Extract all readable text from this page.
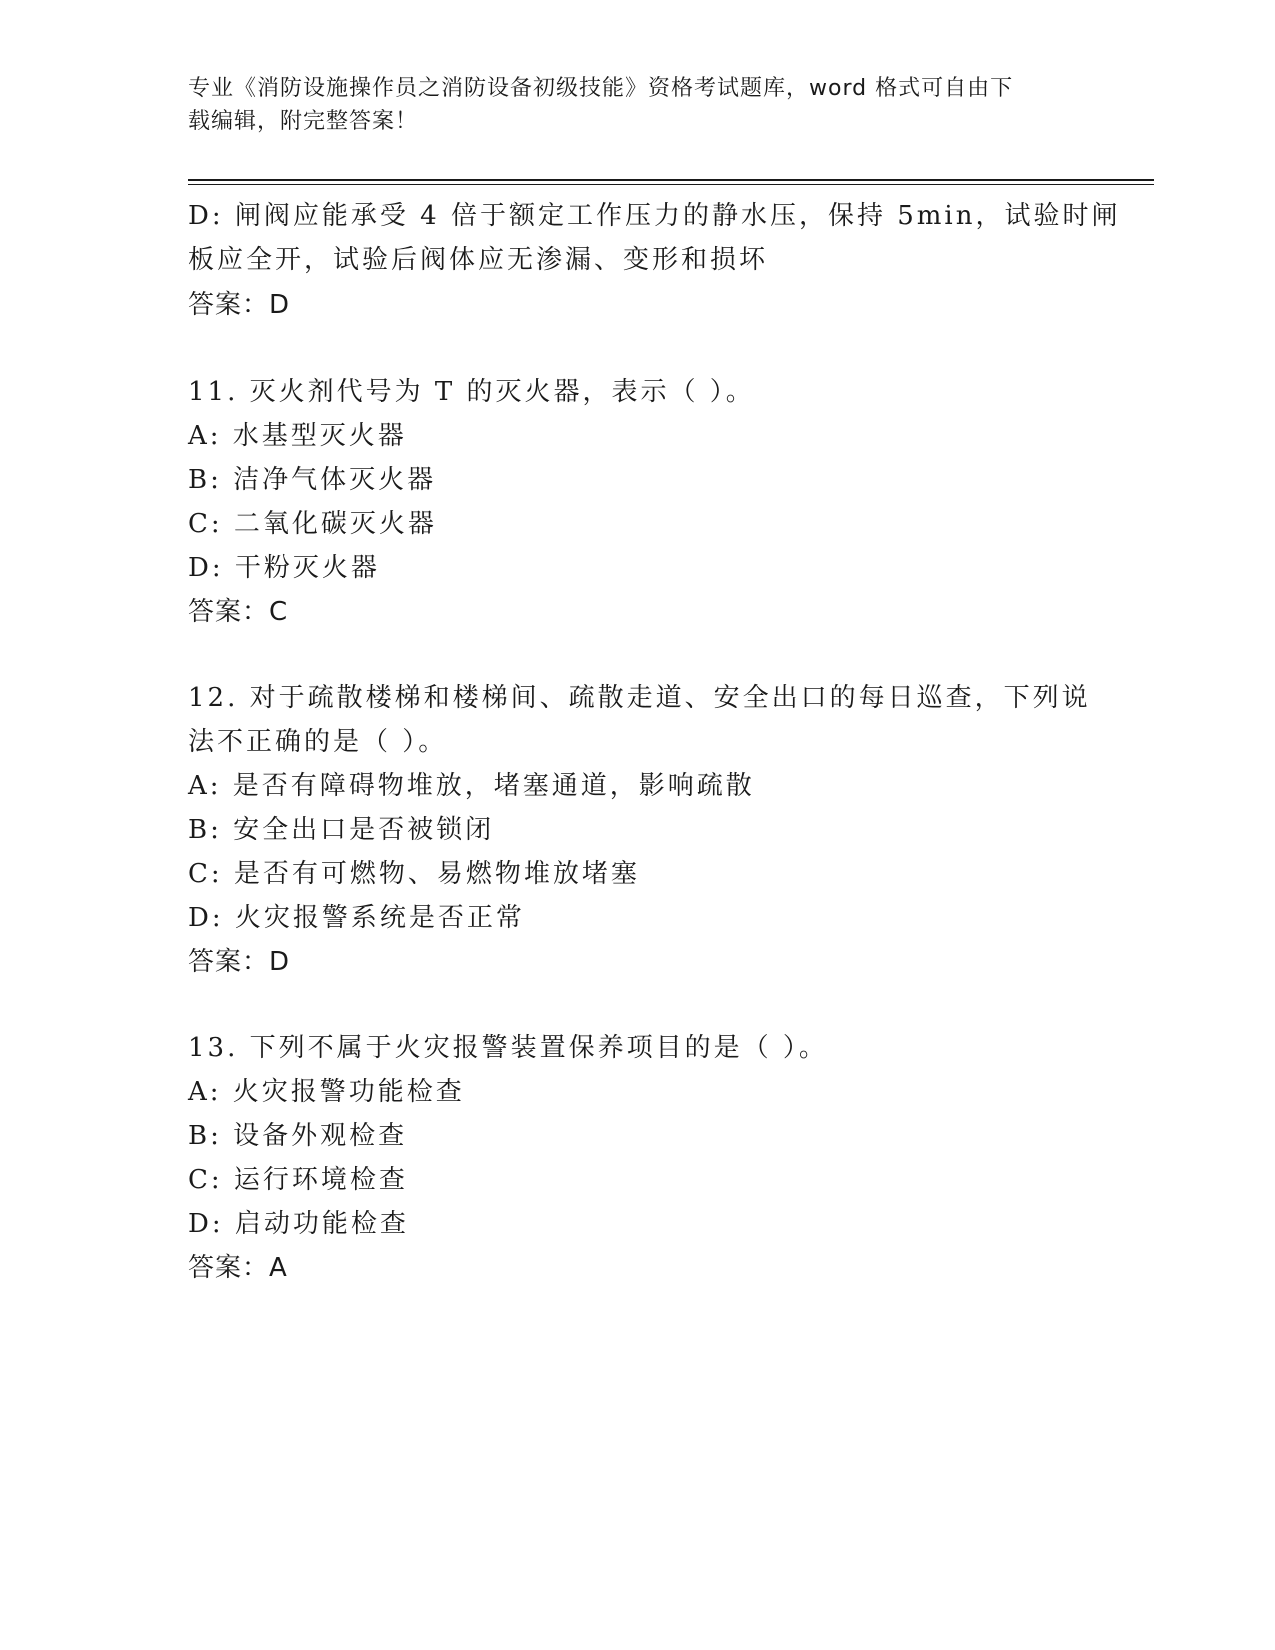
专业《消防设施操作员之消防设备初级技能》资格考试题库，word 格式可自由下
载编辑，附完整答案！
D: 闸阀应能承受 4 倍于额定工作压力的静水压，保持 5min，试验时闸
板应全开，试验后阀体应无渗漏、变形和损坏
答案：D
11. 灭火剂代号为 T 的灭火器，表示（ ）。
A: 水基型灭火器
B: 洁净气体灭火器
C: 二氧化碳灭火器
D: 干粉灭火器
答案：C
12. 对于疏散楼梯和楼梯间、疏散走道、安全出口的每日巡查，下列说
法不正确的是（ ）。
A: 是否有障碍物堆放，堵塞通道，影响疏散
B: 安全出口是否被锁闭
C: 是否有可燃物、易燃物堆放堵塞
D: 火灾报警系统是否正常
答案：D
13. 下列不属于火灾报警装置保养项目的是（ ）。
A: 火灾报警功能检查
B: 设备外观检查
C: 运行环境检查
D: 启动功能检查
答案：A
